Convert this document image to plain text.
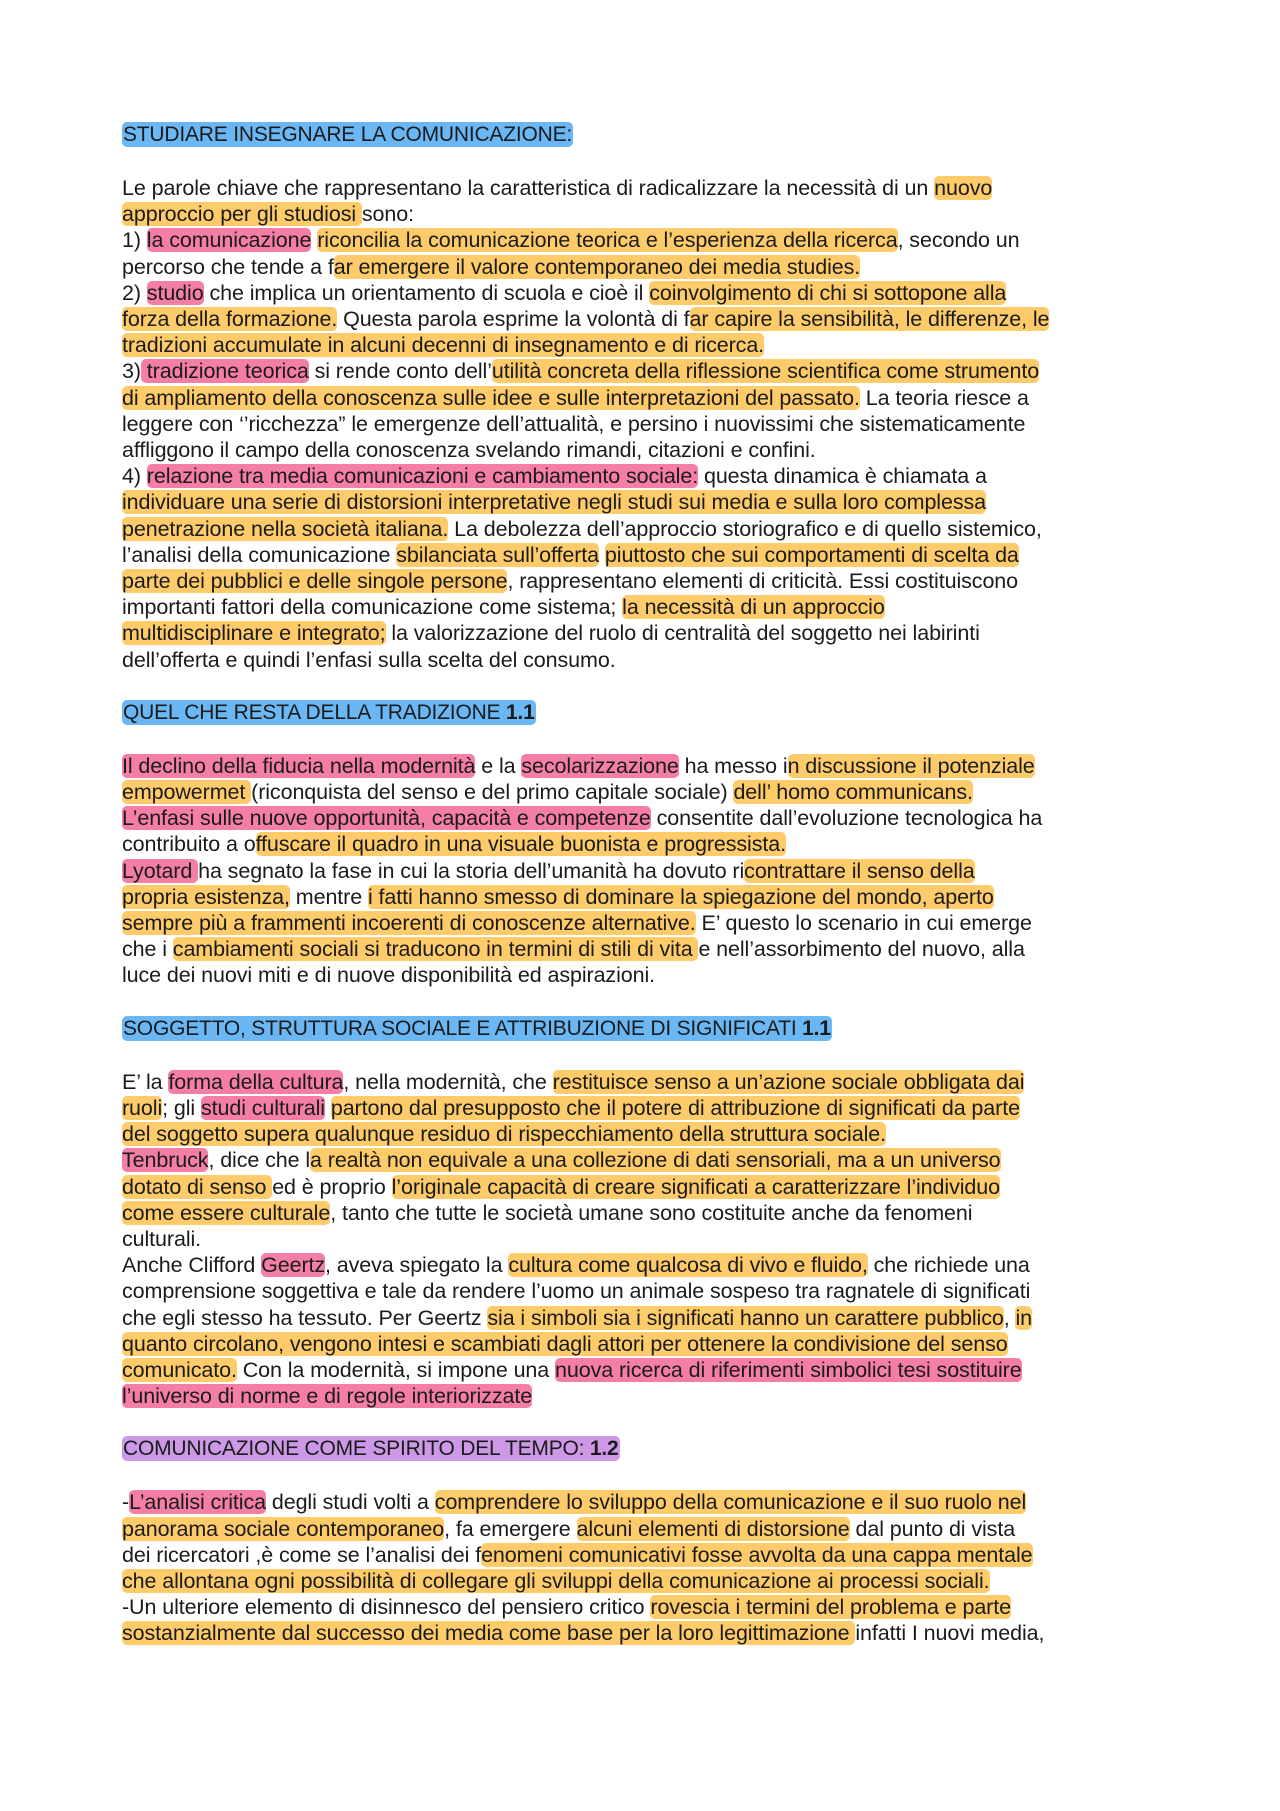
STUDIARE INSEGNARE LA COMUNICAZIONE:
Le parole chiave che rappresentano la caratteristica di radicalizzare la necessità di un nuovo
approccio per gli studiosi sono:
1) la comunicazione riconcilia la comunicazione teorica e l’esperienza della ricerca, secondo un
percorso che tende a far emergere il valore contemporaneo dei media studies.
2) studio che implica un orientamento di scuola e cioè il coinvolgimento di chi si sottopone alla
forza della formazione. Questa parola esprime la volontà di far capire la sensibilità, le differenze, le
tradizioni accumulate in alcuni decenni di insegnamento e di ricerca.
3) tradizione teorica si rende conto dell’utilità concreta della riflessione scientifica come strumento
di ampliamento della conoscenza sulle idee e sulle interpretazioni del passato. La teoria riesce a
leggere con ‘’ricchezza” le emergenze dell’attualità, e persino i nuovissimi che sistematicamente
affliggono il campo della conoscenza svelando rimandi, citazioni e confini.
4) relazione tra media comunicazioni e cambiamento sociale: questa dinamica è chiamata a
individuare una serie di distorsioni interpretative negli studi sui media e sulla loro complessa
penetrazione nella società italiana. La debolezza dell’approccio storiografico e di quello sistemico,
l’analisi della comunicazione sbilanciata sull’offerta piuttosto che sui comportamenti di scelta da
parte dei pubblici e delle singole persone, rappresentano elementi di criticità. Essi costituiscono
importanti fattori della comunicazione come sistema; la necessità di un approccio
multidisciplinare e integrato; la valorizzazione del ruolo di centralità del soggetto nei labirinti
dell’offerta e quindi l’enfasi sulla scelta del consumo.
QUEL CHE RESTA DELLA TRADIZIONE 1.1
Il declino della fiducia nella modernità e la secolarizzazione ha messo in discussione il potenziale
empowermet (riconquista del senso e del primo capitale sociale) dell’ homo communicans.
L’enfasi sulle nuove opportunità, capacità e competenze consentite dall’evoluzione tecnologica ha
contribuito a offuscare il quadro in una visuale buonista e progressista.
Lyotard ha segnato la fase in cui la storia dell’umanità ha dovuto ricontrattare il senso della
propria esistenza, mentre i fatti hanno smesso di dominare la spiegazione del mondo, aperto
sempre più a frammenti incoerenti di conoscenze alternative. E’ questo lo scenario in cui emerge
che i cambiamenti sociali si traducono in termini di stili di vita e nell’assorbimento del nuovo, alla
luce dei nuovi miti e di nuove disponibilità ed aspirazioni.
SOGGETTO, STRUTTURA SOCIALE E ATTRIBUZIONE DI SIGNIFICATI 1.1
E’ la forma della cultura, nella modernità, che restituisce senso a un’azione sociale obbligata dai
ruoli; gli studi culturali partono dal presupposto che il potere di attribuzione di significati da parte
del soggetto supera qualunque residuo di rispecchiamento della struttura sociale.
Tenbruck, dice che la realtà non equivale a una collezione di dati sensoriali, ma a un universo
dotato di senso ed è proprio l’originale capacità di creare significati a caratterizzare l’individuo
come essere culturale, tanto che tutte le società umane sono costituite anche da fenomeni
culturali.
Anche Clifford Geertz, aveva spiegato la cultura come qualcosa di vivo e fluido, che richiede una
comprensione soggettiva e tale da rendere l’uomo un animale sospeso tra ragnatele di significati
che egli stesso ha tessuto. Per Geertz sia i simboli sia i significati hanno un carattere pubblico, in
quanto circolano, vengono intesi e scambiati dagli attori per ottenere la condivisione del senso
comunicato. Con la modernità, si impone una nuova ricerca di riferimenti simbolici tesi sostituire
l’universo di norme e di regole interiorizzate
COMUNICAZIONE COME SPIRITO DEL TEMPO: 1.2
-L’analisi critica degli studi volti a comprendere lo sviluppo della comunicazione e il suo ruolo nel
panorama sociale contemporaneo, fa emergere alcuni elementi di distorsione dal punto di vista
dei ricercatori ,è come se l’analisi dei fenomeni comunicativi fosse avvolta da una cappa mentale
che allontana ogni possibilità di collegare gli sviluppi della comunicazione ai processi sociali.
-Un ulteriore elemento di disinnesco del pensiero critico rovescia i termini del problema e parte
sostanzialmente dal successo dei media come base per la loro legittimazione infatti I nuovi media,
